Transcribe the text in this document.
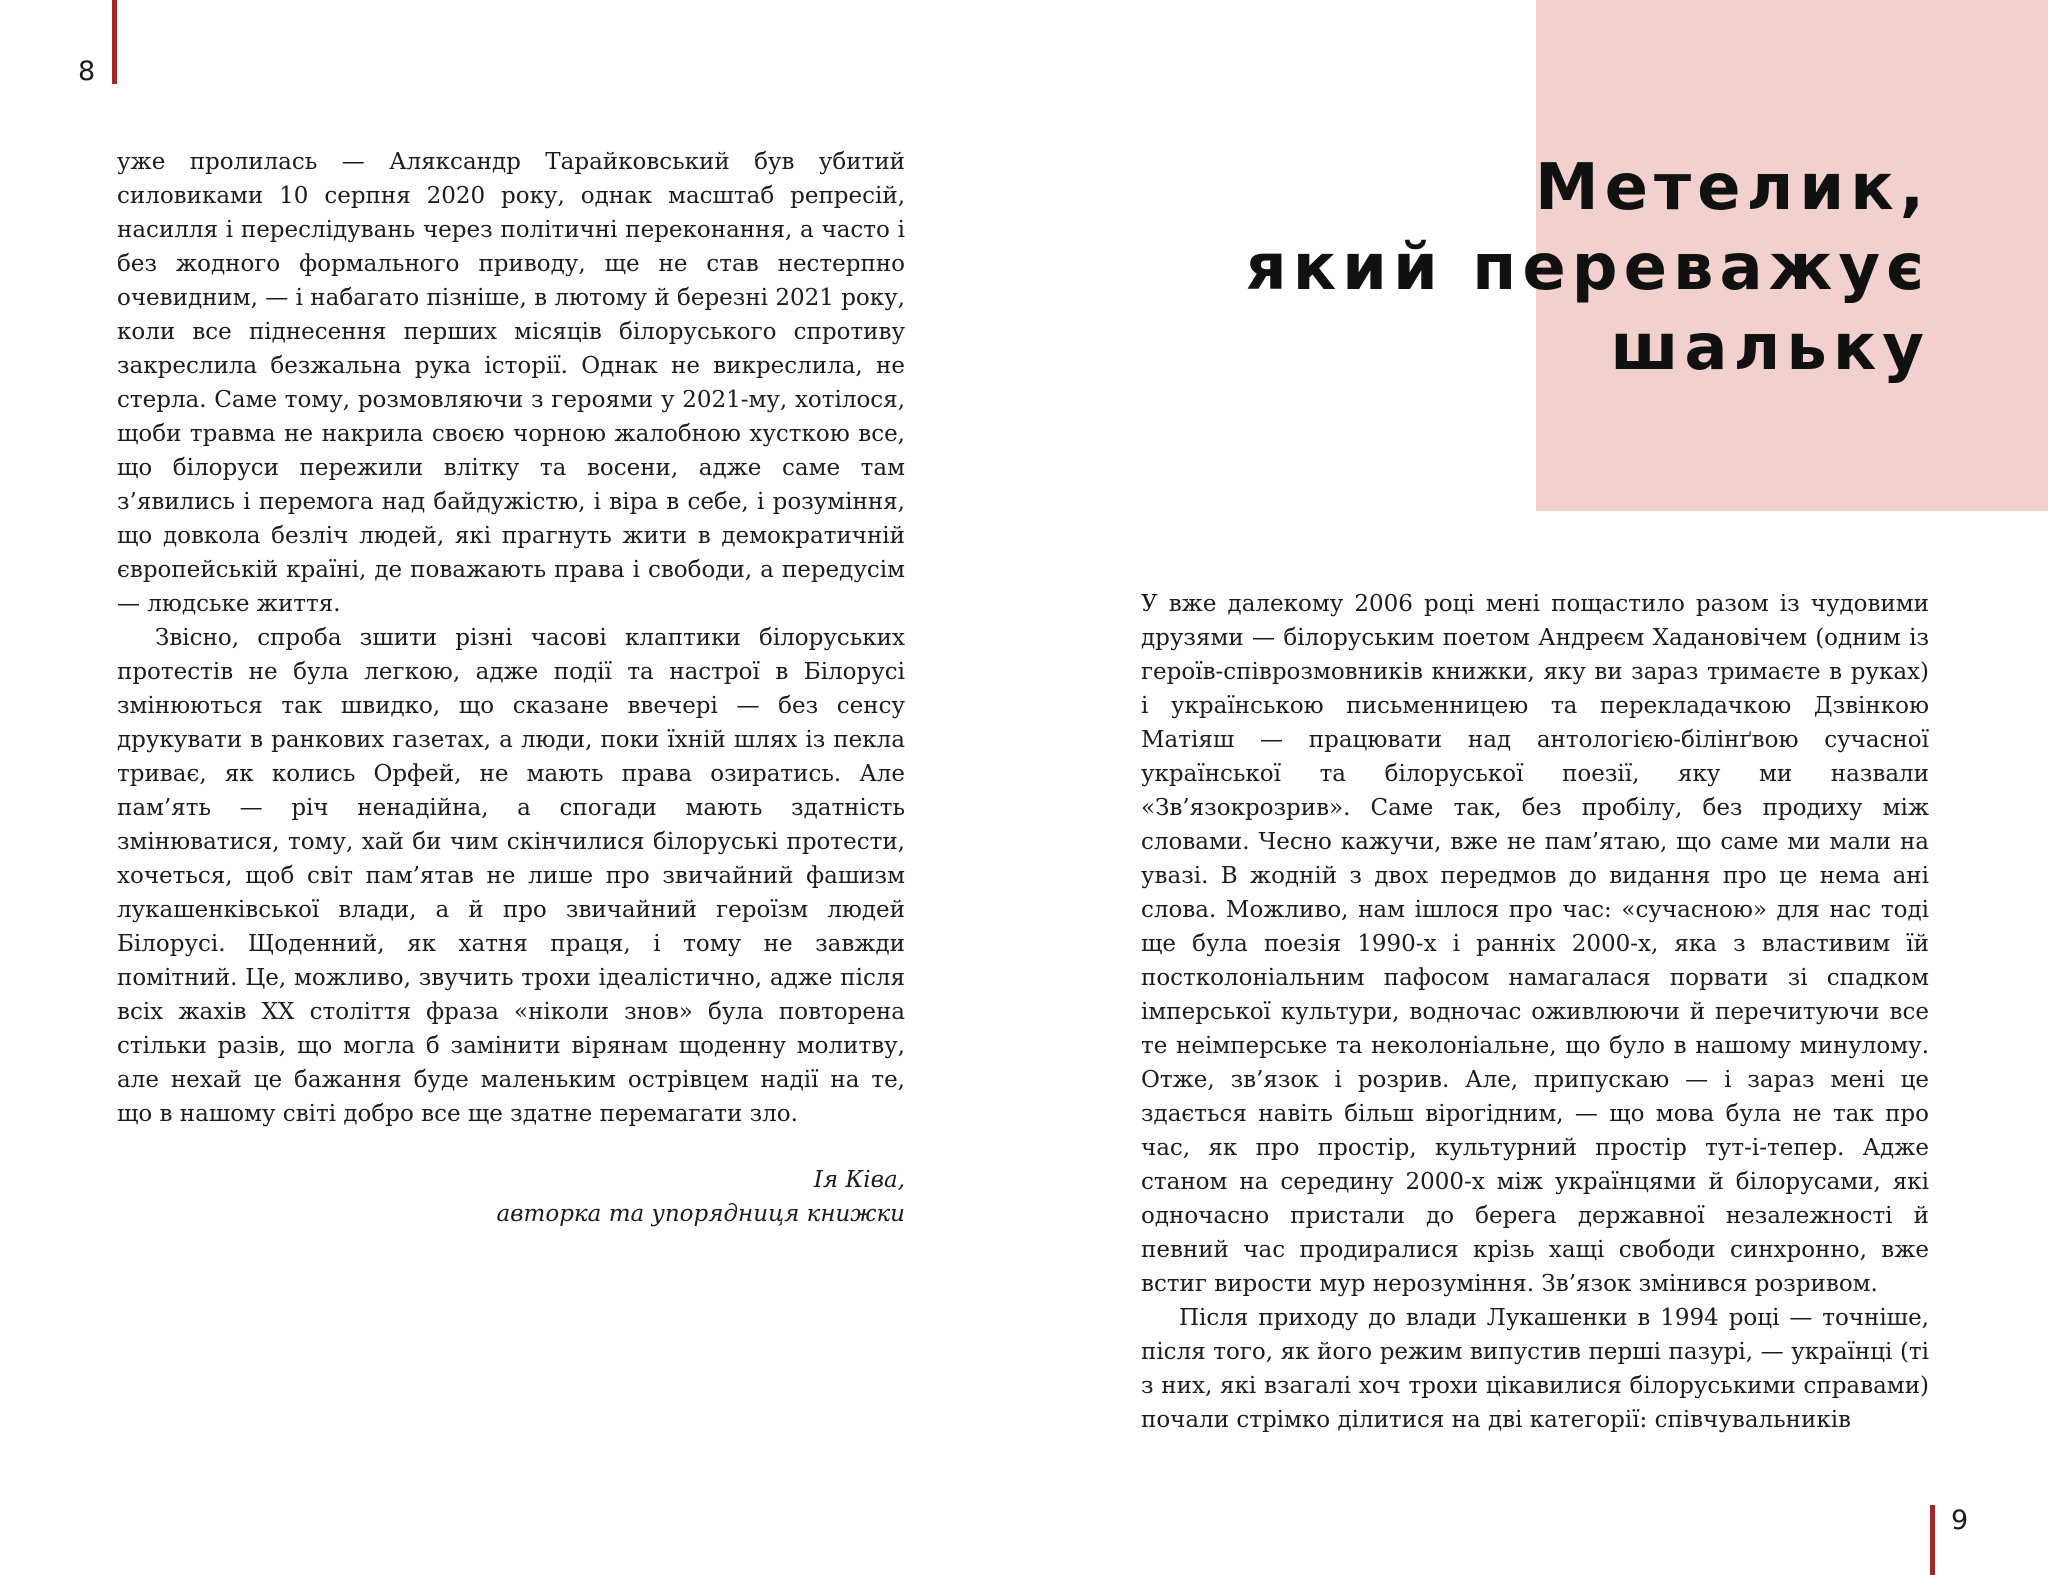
8
Метелик,
який переважує
шальку

уже пролилась — Аляксандр Тарайковський був убитий силовиками 10 серпня 2020 року, однак масштаб репресій, насилля і переслідувань через політичні переконання, а часто і без жодного формального приводу, ще не став нестерпно очевидним, — і набагато пізніше, в лютому й березні 2021 року, коли все піднесення перших місяців білоруського спротиву закреслила безжальна рука історії. Однак не викреслила, не стерла. Саме тому, розмовляючи з героями у 2021-му, хотілося, щоби травма не накрила своєю чорною жалобною хусткою все, що білоруси пережили влітку та восени, адже саме там з’явились і перемога над байдужістю, і віра в себе, і розуміння, що довкола безліч людей, які прагнуть жити в демократичній європейській країні, де поважають права і свободи, а передусім — людське життя.

Звісно, спроба зшити різні часові клаптики білоруських протестів не була легкою, адже події та настрої в Білорусі змінюються так швидко, що сказане ввечері — без сенсу друкувати в ранкових газетах, а люди, поки їхній шлях із пекла триває, як колись Орфей, не мають права озиратись. Але пам’ять — річ ненадійна, а спогади мають здатність змінюватися, тому, хай би чим скінчилися білоруські протести, хочеться, щоб світ пам’ятав не лише про звичайний фашизм лукашенківської влади, а й про звичайний героїзм людей Білорусі. Щоденний, як хатня праця, і тому не завжди помітний. Це, можливо, звучить трохи ідеалістично, адже після всіх жахів XX століття фраза «ніколи знов» була повторена стільки разів, що могла б замінити вірянам щоденну молитву, але нехай це бажання буде маленьким острівцем надії на те, що в нашому світі добро все ще здатне перемагати зло.

Ія Ківа,
авторка та упорядниця книжки

У вже далекому 2006 році мені пощастило разом із чудовими друзями — білоруським поетом Андреєм Хадановічем (одним із героїв-співрозмовників книжки, яку ви зараз тримаєте в руках) і українською письменницею та перекладачкою Дзвінкою Матіяш — працювати над антологією-білінґвою сучасної української та білоруської поезії, яку ми назвали «Зв’язокрозрив». Саме так, без пробілу, без продиху між словами. Чесно кажучи, вже не пам’ятаю, що саме ми мали на увазі. В жодній з двох передмов до видання про це нема ані слова. Можливо, нам ішлося про час: «сучасною» для нас тоді ще була поезія 1990-х і ранніх 2000-х, яка з властивим їй постколоніальним пафосом намагалася порвати зі спадком імперської культури, водночас оживлюючи й перечитуючи все те неімперське та неколоніальне, що було в нашому минулому. Отже, зв’язок і розрив. Але, припускаю — і зараз мені це здається навіть більш вірогідним, — що мова була не так про час, як про простір, культурний простір тут-і-тепер. Адже станом на середину 2000-х між українцями й білорусами, які одночасно пристали до берега державної незалежності й певний час продиралися крізь хащі свободи синхронно, вже встиг вирости мур нерозуміння. Зв’язок змінився розривом.

Після приходу до влади Лукашенки в 1994 році — точніше, після того, як його режим випустив перші пазурі, — українці (ті з них, які взагалі хоч трохи цікавилися білоруськими справами) почали стрімко ділитися на дві категорії: співчувальників

9
